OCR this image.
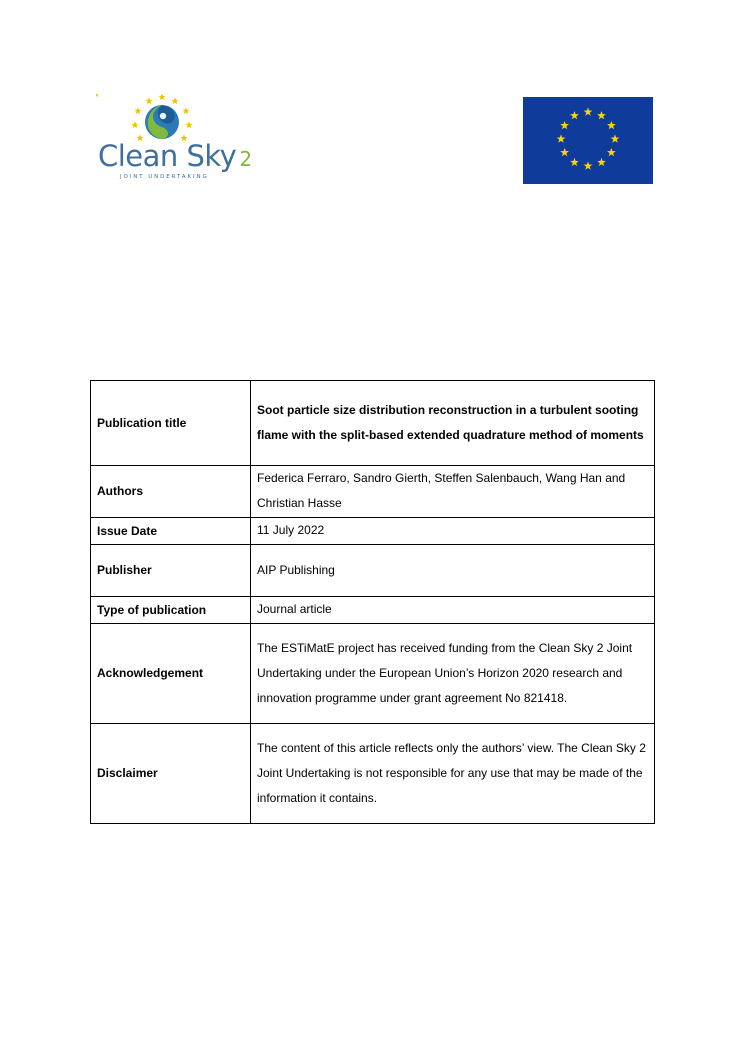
Clean Sky 2
JOINT UNDERTAKING
Publication title	Soot particle size distribution reconstruction in a turbulent sooting flame with the split-based extended quadrature method of moments
Authors	Federica Ferraro, Sandro Gierth, Steffen Salenbauch, Wang Han and Christian Hasse
Issue Date	11 July 2022
Publisher	AIP Publishing
Type of publication	Journal article
Acknowledgement	The ESTiMatE project has received funding from the Clean Sky 2 Joint Undertaking under the European Union’s Horizon 2020 research and innovation programme under grant agreement No 821418.
Disclaimer	The content of this article reflects only the authors’ view. The Clean Sky 2 Joint Undertaking is not responsible for any use that may be made of the information it contains.
